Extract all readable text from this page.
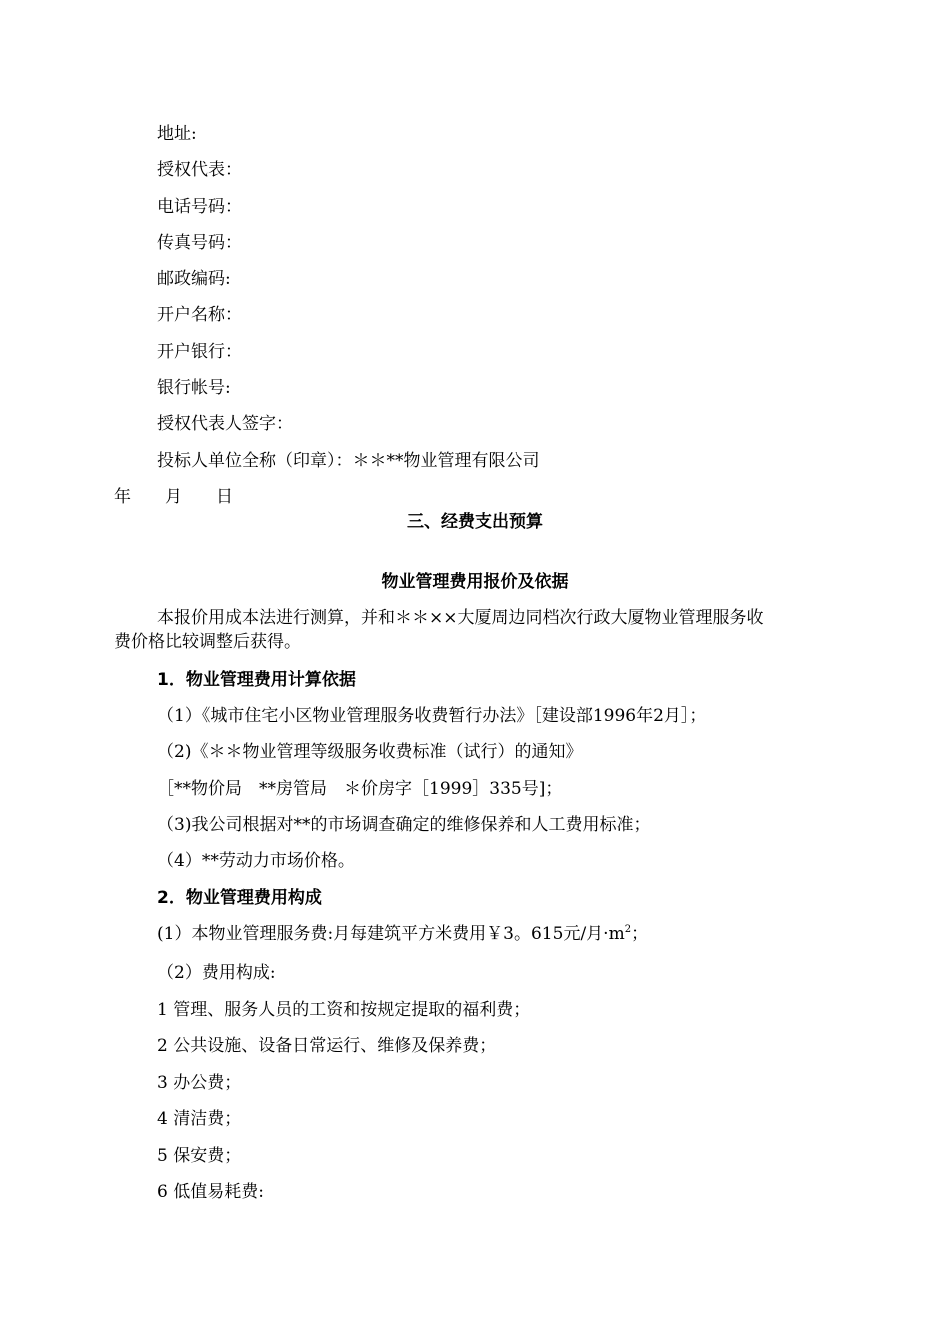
地址:

授权代表：

电话号码：

传真号码：

邮政编码:

开户名称：

开户银行：

银行帐号:

授权代表人签字：

投标人单位全称（印章）：＊＊**物业管理有限公司

年　　月　　日

三、经费支出预算

物业管理费用报价及依据

本报价用成本法进行测算，并和＊＊××大厦周边同档次行政大厦物业管理服务收

费价格比较调整后获得。

1．物业管理费用计算依据

（1）《城市住宅小区物业管理服务收费暂行办法》［建设部1996年2月］；

（2)《＊＊物业管理等级服务收费标准（试行）的通知》

［**物价局　**房管局　＊价房字［1999］335号]；

（3)我公司根据对**的市场调查确定的维修保养和人工费用标准；

（4）**劳动力市场价格。

2．物业管理费用构成

(1）本物业管理服务费:月每建筑平方米费用￥3。615元/月$\cdot m^2$；

（2）费用构成:

1 管理、服务人员的工资和按规定提取的福利费；

2 公共设施、设备日常运行、维修及保养费；

3 办公费；

4 清洁费；

5 保安费；

6 低值易耗费:
